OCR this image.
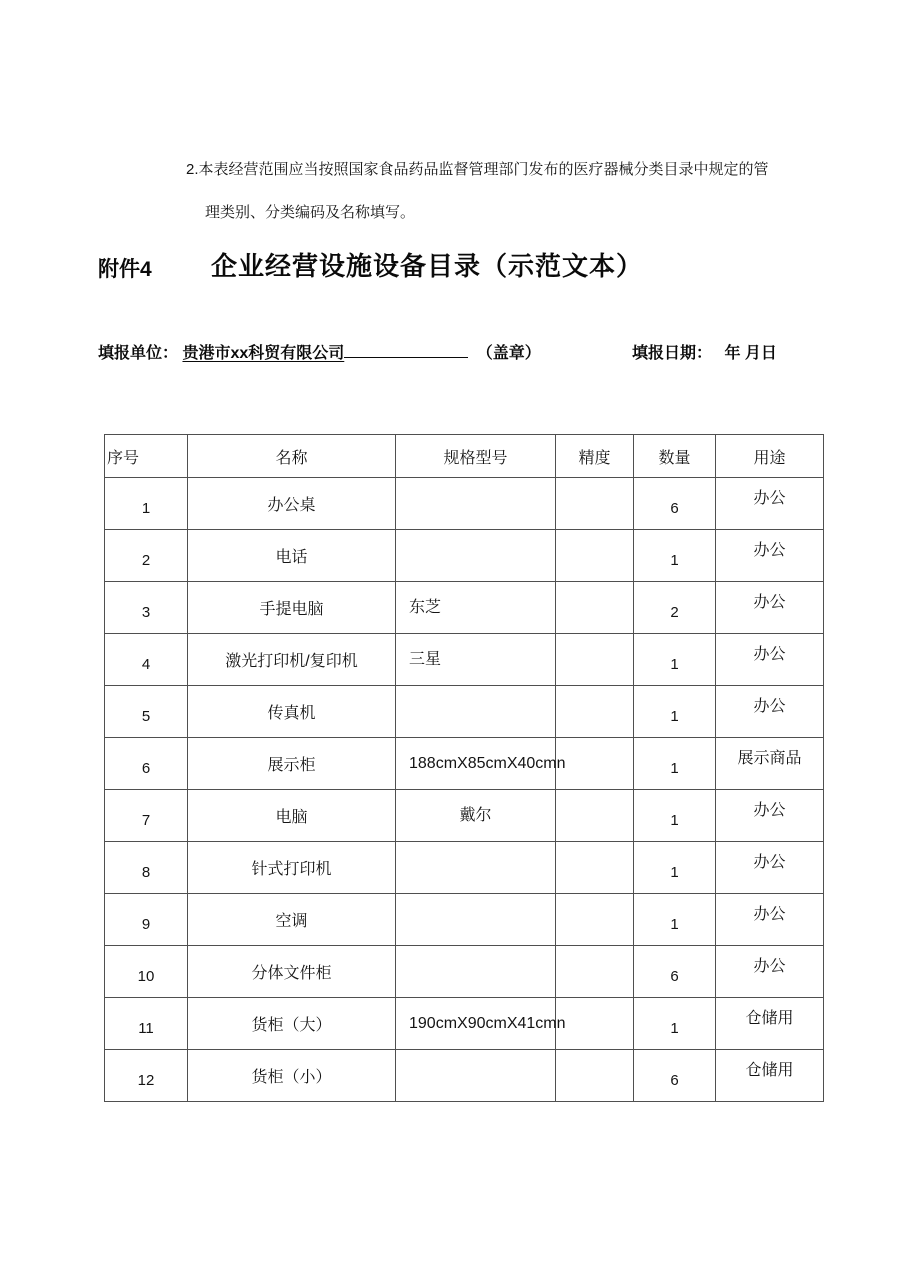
2.本表经营范围应当按照国家食品药品监督管理部门发布的医疗器械分类目录中规定的管
理类别、分类编码及名称填写。
附件4 企业经营设施设备目录（示范文本）
填报单位： 贵港市xx科贸有限公司	（盖章）	填报日期： 年 月日
序号	名称	规格型号	精度	数量	用途
1	办公桌			6	办公
2	电话			1	办公
3	手提电脑	东芝		2	办公
4	激光打印机/复印机	三星		1	办公
5	传真机			1	办公
6	展示柜	188cmX85cmX40cmn		1	展示商品
7	电脑	戴尔		1	办公
8	针式打印机			1	办公
9	空调			1	办公
10	分体文件柜			6	办公
11	货柜（大）	190cmX90cmX41cmn		1	仓储用
12	货柜（小）			6	仓储用
